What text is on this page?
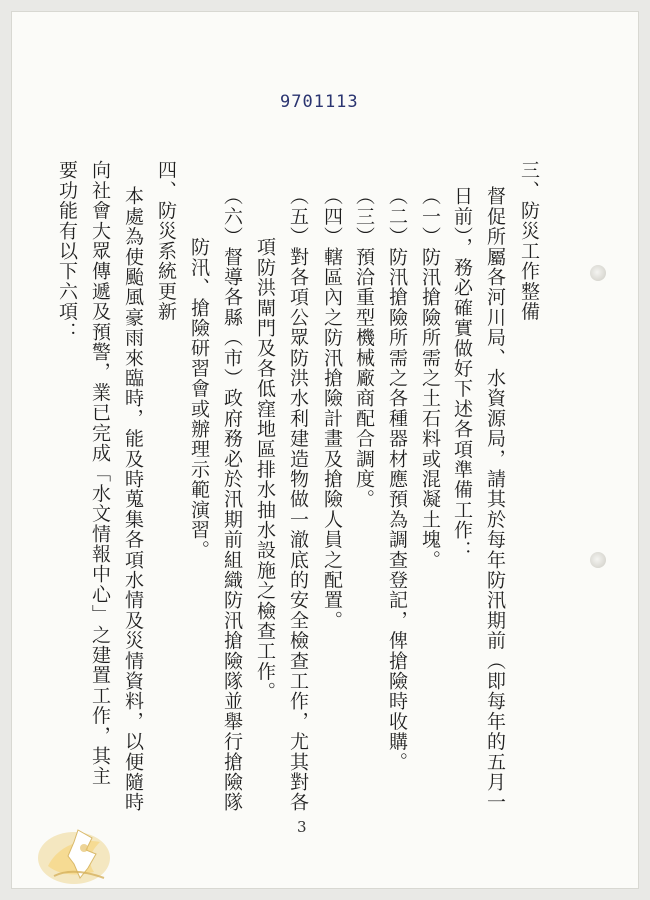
9701113
三、防災工作整備
督促所屬各河川局、水資源局，請其於每年防汛期前（即每年的五月一
日前），務必確實做好下述各項準備工作：
（一）防汛搶險所需之土石料或混凝土塊。
（二）防汛搶險所需之各種器材應預為調查登記，俾搶險時收購。
（三）預洽重型機械廠商配合調度。
（四）轄區內之防汛搶險計畫及搶險人員之配置。
（五）對各項公眾防洪水利建造物做一澈底的安全檢查工作，尤其對各
項防洪閘門及各低窪地區排水抽水設施之檢查工作。
（六）督導各縣（市）政府務必於汛期前組織防汛搶險隊並舉行搶險隊
防汛、搶險研習會或辦理示範演習。
四、防災系統更新
本處為使颱風豪雨來臨時，能及時蒐集各項水情及災情資料，以便隨時
向社會大眾傳遞及預警，業已完成「水文情報中心」之建置工作，其主
要功能有以下六項：
3
